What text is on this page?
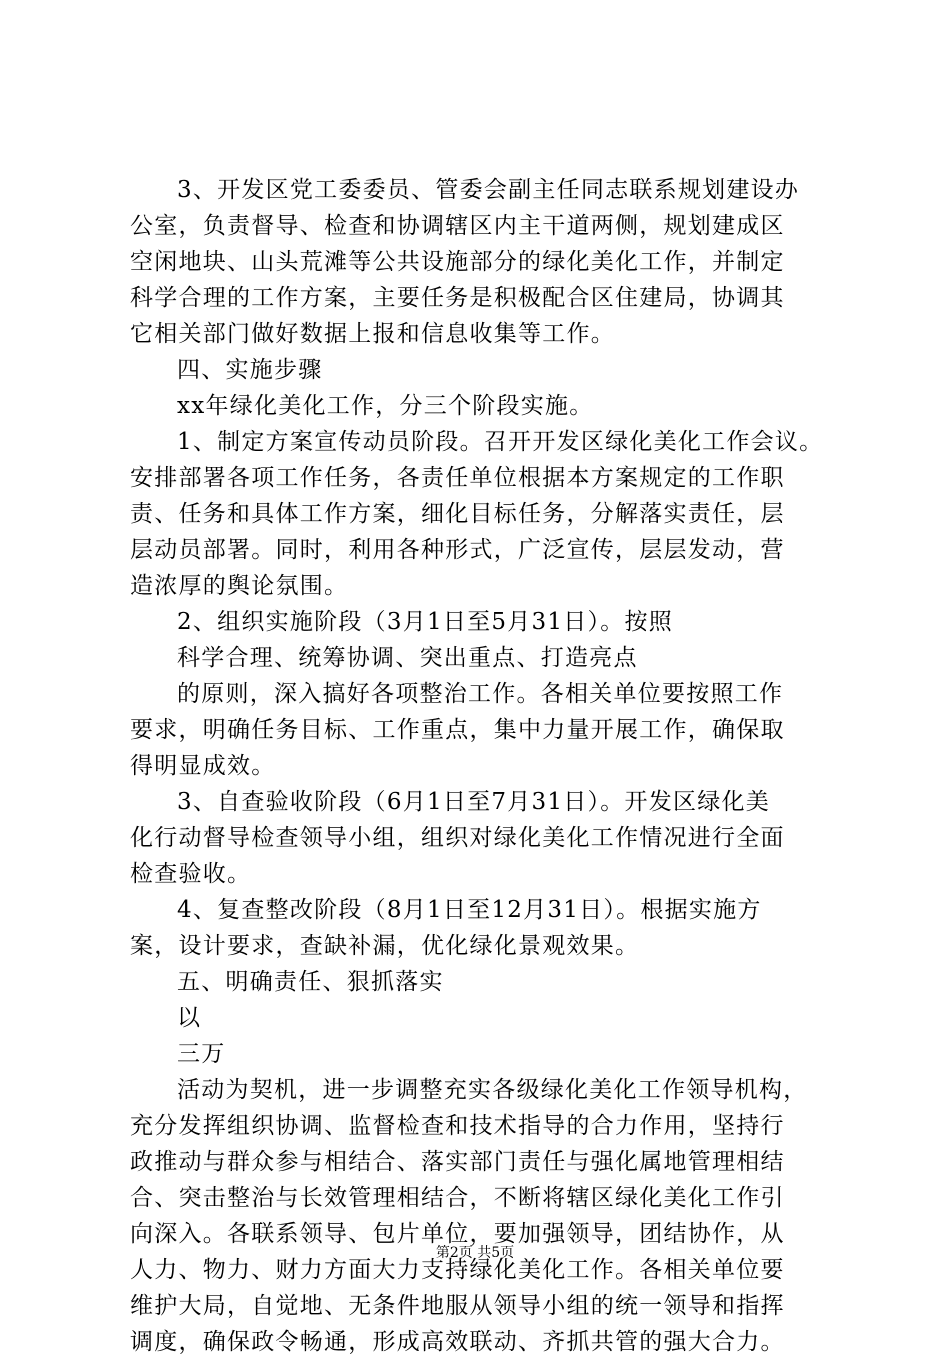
3、开发区党工委委员、管委会副主任同志联系规划建设办
公室，负责督导、检查和协调辖区内主干道两侧，规划建成区
空闲地块、山头荒滩等公共设施部分的绿化美化工作，并制定
科学合理的工作方案，主要任务是积极配合区住建局，协调其
它相关部门做好数据上报和信息收集等工作。
四、实施步骤
xx年绿化美化工作，分三个阶段实施。
1、制定方案宣传动员阶段。召开开发区绿化美化工作会议。
安排部署各项工作任务，各责任单位根据本方案规定的工作职
责、任务和具体工作方案，细化目标任务，分解落实责任，层
层动员部署。同时，利用各种形式，广泛宣传，层层发动，营
造浓厚的舆论氛围。
2、组织实施阶段（3月1日至5月31日）。按照
科学合理、统筹协调、突出重点、打造亮点
的原则，深入搞好各项整治工作。各相关单位要按照工作
要求，明确任务目标、工作重点，集中力量开展工作，确保取
得明显成效。
3、自查验收阶段（6月1日至7月31日）。开发区绿化美
化行动督导检查领导小组，组织对绿化美化工作情况进行全面
检查验收。
4、复查整改阶段（8月1日至12月31日）。根据实施方
案，设计要求，查缺补漏，优化绿化景观效果。
五、明确责任、狠抓落实
以
三万
活动为契机，进一步调整充实各级绿化美化工作领导机构，
充分发挥组织协调、监督检查和技术指导的合力作用，坚持行
政推动与群众参与相结合、落实部门责任与强化属地管理相结
合、突击整治与长效管理相结合，不断将辖区绿化美化工作引
向深入。各联系领导、包片单位，要加强领导，团结协作，从
人力、物力、财力方面大力支持绿化美化工作。各相关单位要
维护大局，自觉地、无条件地服从领导小组的统一领导和指挥
调度，确保政令畅通，形成高效联动、齐抓共管的强大合力。
第2页 共5页
